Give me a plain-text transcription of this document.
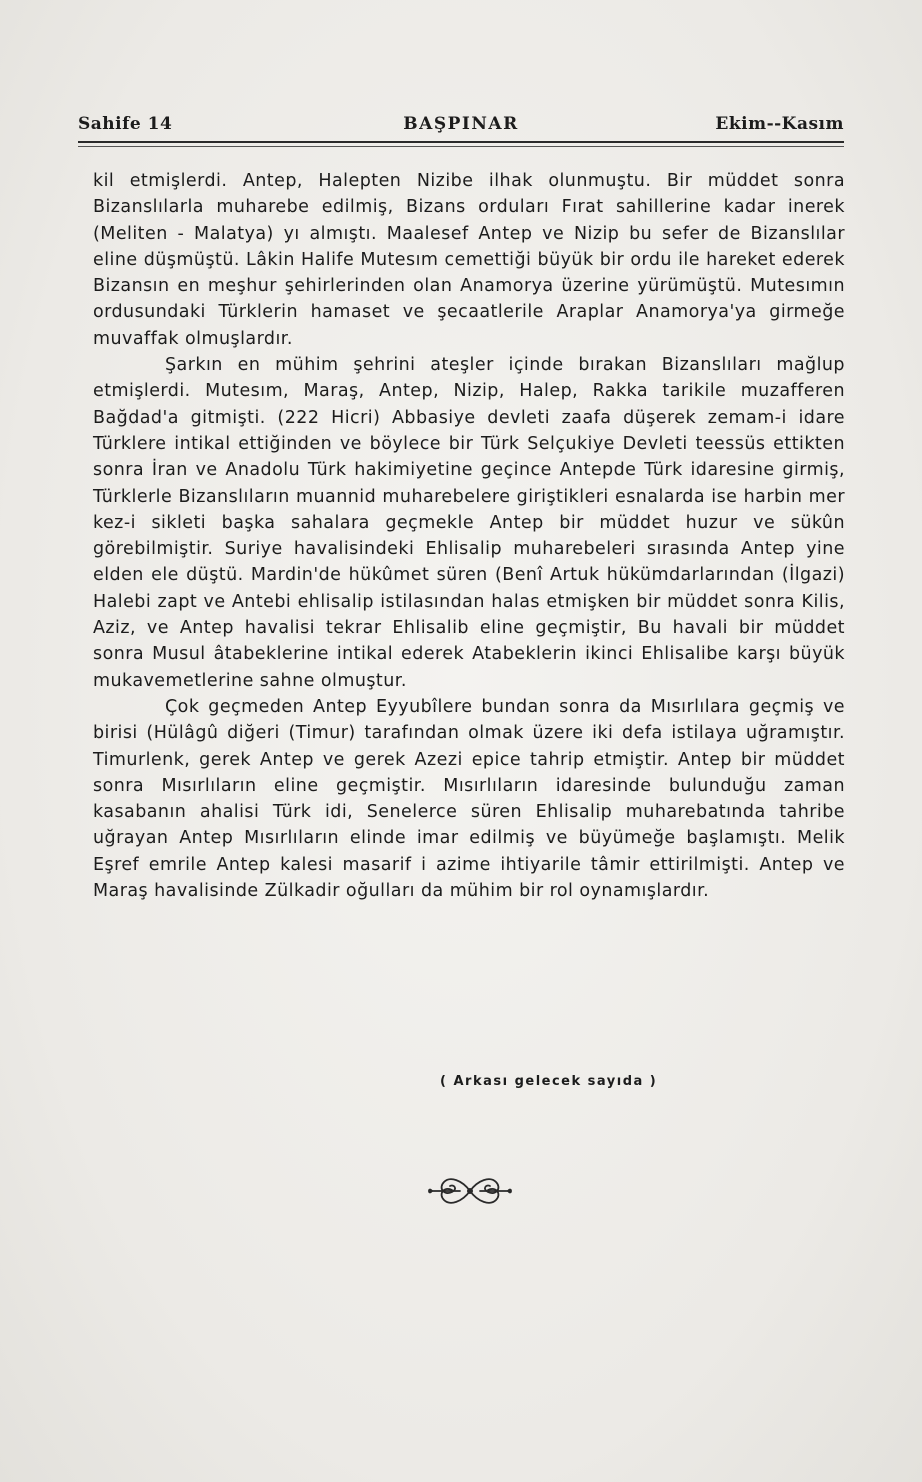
Sahife 14	BAŞPINAR	Ekim--Kasım

kil etmişlerdi. Antep, Halepten Nizibe ilhak olunmuştu. Bir müddet sonra Bizanslılarla muharebe edilmiş, Bizans orduları Fırat sahillerine kadar inerek (Meliten - Malatya) yı almıştı. Maalesef Antep ve Nizip bu sefer de Bizanslılar eline düşmüştü. Lâkin Halife Mutesım cemettiği büyük bir ordu ile hareket ederek Bizansın en meşhur şehirlerinden olan Anamorya üzerine yürümüştü. Mutesımın ordusundaki Türklerin hamaset ve şecaatlerile Araplar Anamorya'ya girmeğe muvaffak olmuşlardır.

Şarkın en mühim şehrini ateşler içinde bırakan Bizanslıları mağlup etmişlerdi. Mutesım, Maraş, Antep, Nizip, Halep, Rakka tarikile muzafferen Bağdad'a gitmişti. (222 Hicri) Abbasiye devleti zaafa düşerek zemam-i idare Türklere intikal ettiğinden ve böylece bir Türk Selçukiye Devleti teessüs ettikten sonra İran ve Anadolu Türk hakimiyetine geçince Antepde Türk idaresine girmiş, Türklerle Bizanslıların muannid muharebelere giriştikleri esnalarda ise harbin mer kez-i sikleti başka sahalara geçmekle Antep bir müddet huzur ve sükûn görebilmiştir. Suriye havalisindeki Ehlisalip muharebeleri sırasında Antep yine elden ele düştü. Mardin'de hükûmet süren (Benî Artuk hükümdarlarından (İlgazi) Halebi zapt ve Antebi ehlisalip istilasından halas etmişken bir müddet sonra Kilis, Aziz, ve Antep havalisi tekrar Ehlisalib eline geçmiştir, Bu havali bir müddet sonra Musul âtabeklerine intikal ederek Atabeklerin ikinci Ehlisalibe karşı büyük mukavemetlerine sahne olmuştur.

Çok geçmeden Antep Eyyubîlere bundan sonra da Mısırlılara geçmiş ve birisi (Hülâgû diğeri (Timur) tarafından olmak üzere iki defa istilaya uğramıştır. Timurlenk, gerek Antep ve gerek Azezi epice tahrip etmiştir. Antep bir müddet sonra Mısırlıların eline geçmiştir. Mısırlıların idaresinde bulunduğu zaman kasabanın ahalisi Türk idi, Senelerce süren Ehlisalip muharebatında tahribe uğrayan Antep Mısırlıların elinde imar edilmiş ve büyümeğe başlamıştı. Melik Eşref emrile Antep kalesi masarif i azime ihtiyarile tâmir ettirilmişti. Antep ve Maraş havalisinde Zülkadir oğulları da mühim bir rol oynamışlardır.

( Arkası gelecek sayıda )
